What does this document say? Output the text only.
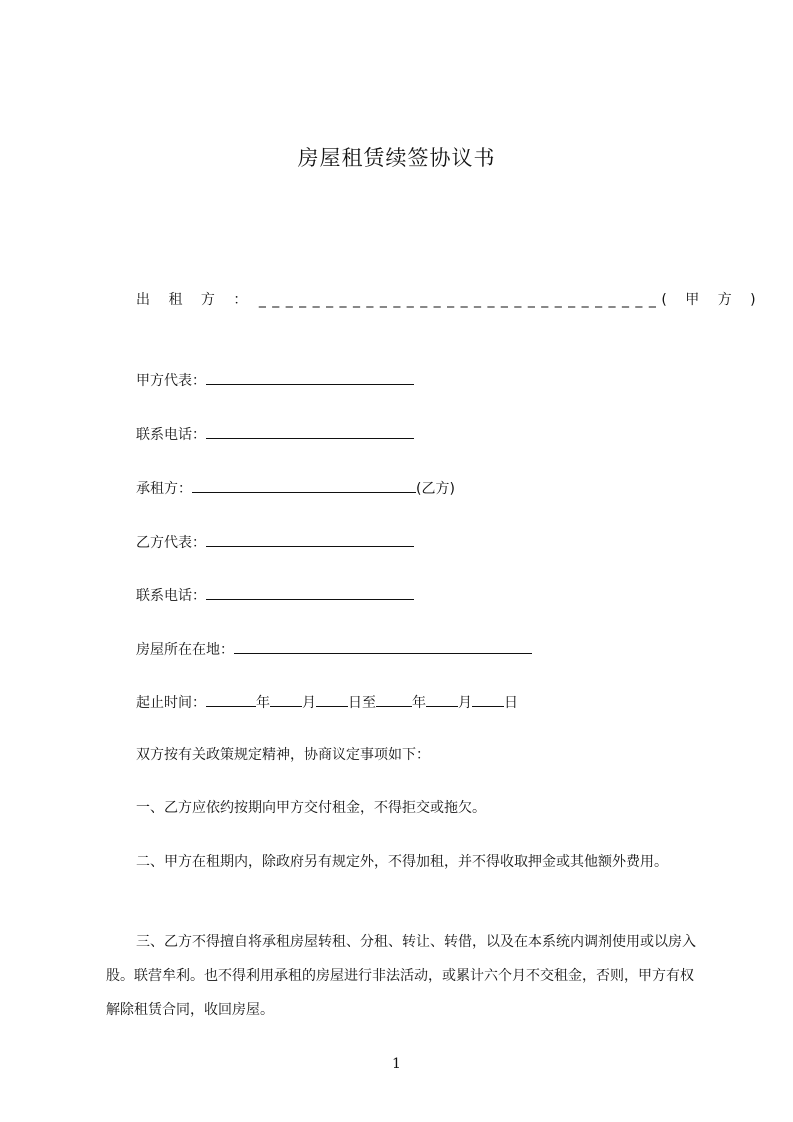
房屋租赁续签协议书
出 租 方 ： _ _ _ _ _ _ _ _ _ _ _ _ _ _ _ _ _ _ _ _ _ _ _ _ _ _ _ _ _ _ ( 甲 方 )
甲方代表：
联系电话：
承租方：	(乙方)
乙方代表：
联系电话：
房屋所在在地：
起止时间：	年 月 日至	年 月 日
双方按有关政策规定精神，协商议定事项如下：
一、乙方应依约按期向甲方交付租金，不得拒交或拖欠。
二、甲方在租期内，除政府另有规定外，不得加租，并不得收取押金或其他额外费用。
三、乙方不得擅自将承租房屋转租、分租、转让、转借，以及在本系统内调剂使用或以房入股。联营牟利。也不得利用承租的房屋进行非法活动，或累计六个月不交租金，否则，甲方有权解除租赁合同，收回房屋。
1
